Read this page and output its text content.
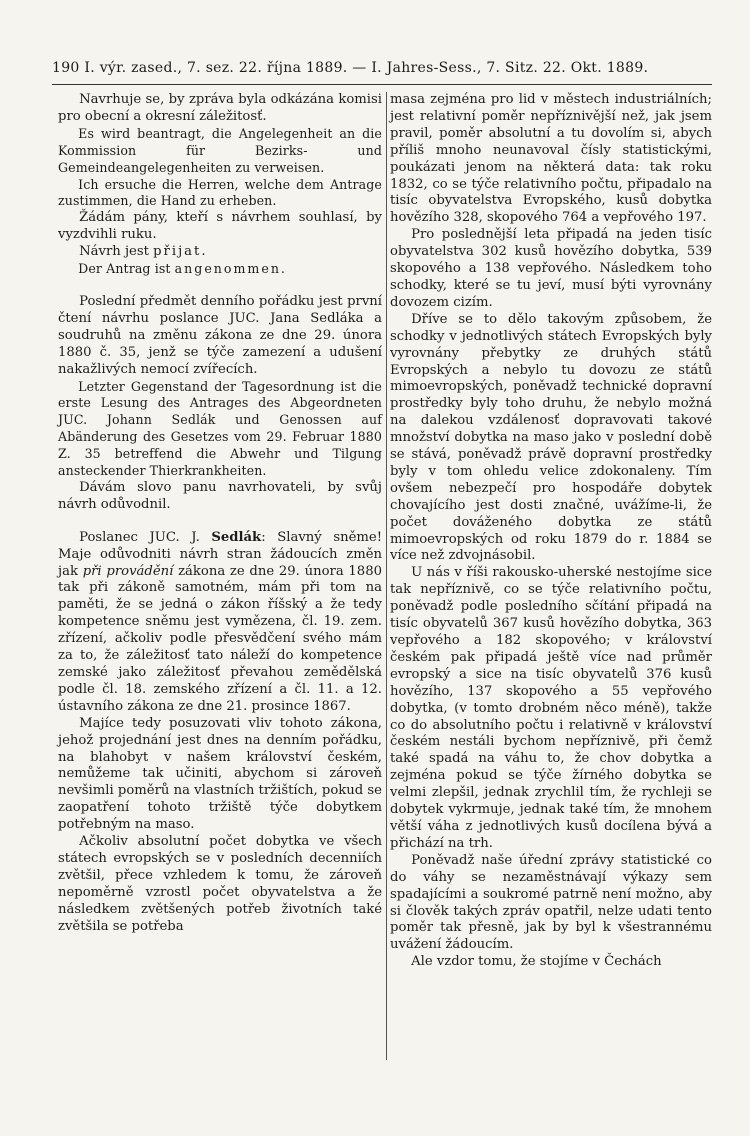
190 I. výr. zased., 7. sez. 22. října 1889. — I. Jahres-Sess., 7. Sitz. 22. Okt. 1889.

Navrhuje se, by zpráva byla odkázána komisi pro obecní a okresní záležitosť.

Es wird beantragt, die Angelegenheit an die Kommission für Bezirks- und Gemeindeangelegenheiten zu verweisen.

Ich ersuche die Herren, welche dem Antrage zustimmen, die Hand zu erheben.

Žádám pány, kteří s návrhem souhlasí, by vyzdvihli ruku.

Návrh jest přijat.

Der Antrag ist angenommen.

Poslední předmět denního pořádku jest první čtení návrhu poslance JUC. Jana Sedláka a soudruhů na změnu zákona ze dne 29. února 1880 č. 35, jenž se týče zamezení a udušení nakažlivých nemocí zvířecích.

Letzter Gegenstand der Tagesordnung ist die erste Lesung des Antrages des Abgeordneten JUC. Johann Sedlák und Genossen auf Abänderung des Gesetzes vom 29. Februar 1880 Z. 35 betreffend die Abwehr und Tilgung ansteckender Thierkrankheiten.

Dávám slovo panu navrhovateli, by svůj návrh odůvodnil.

Poslanec JUC. J. Sedlák: Slavný sněme! Maje odůvodniti návrh stran žádoucích změn jak při provádění zákona ze dne 29. února 1880 tak při zákoně samotném, mám při tom na paměti, že se jedná o zákon říšský a že tedy kompetence sněmu jest vymězena, čl. 19. zem. zřízení, ačkoliv podle přesvědčení svého mám za to, že záležitosť tato náleží do kompetence zemské jako záležitosť převahou zemědělská podle čl. 18. zemského zřízení a čl. 11. a 12. ústavního zákona ze dne 21. prosince 1867.

Majíce tedy posuzovati vliv tohoto zákona, jehož projednání jest dnes na denním pořádku, na blahobyt v našem království českém, nemůžeme tak učiniti, abychom si zároveň nevšimli poměrů na vlastních tržištích, pokud se zaopatření tohoto tržiště týče dobytkem potřebným na maso.

Ačkoliv absolutní počet dobytka ve všech státech evropských se v posledních decenniích zvětšil, přece vzhledem k tomu, že zároveň nepoměrně vzrostl počet obyvatelstva a že následkem zvětšených potřeb životních také zvětšila se potřeba

masa zejména pro lid v městech industriálních; jest relativní poměr nepříznivější než, jak jsem pravil, poměr absolutní a tu dovolím si, abych příliš mnoho neunavoval čísly statistickými, poukázati jenom na některá data: tak roku 1832, co se týče relativního počtu, připadalo na tisíc obyvatelstva Evropského, kusů dobytka hovězího 328, skopového 764 a vepřového 197.

Pro poslednější leta připadá na jeden tisíc obyvatelstva 302 kusů hovězího dobytka, 539 skopového a 138 vepřového. Následkem toho schodky, které se tu jeví, musí býti vyrovnány dovozem cizím.

Dříve se to dělo takovým způsobem, že schodky v jednotlivých státech Evropských byly vyrovnány přebytky ze druhých států Evropských a nebylo tu dovozu ze států mimoevropských, poněvadž technické dopravní prostředky byly toho druhu, že nebylo možná na dalekou vzdálenosť dopravovati takové množství dobytka na maso jako v poslední době se stává, poněvadž právě dopravní prostředky byly v tom ohledu velice zdokonaleny. Tím ovšem nebezpečí pro hospodáře dobytek chovajícího jest dosti značné, uvážíme-li, že počet dováženého dobytka ze států mimoevropských od roku 1879 do r. 1884 se více než zdvojnásobil.

U nás v říši rakousko-uherské nestojíme sice tak nepříznivě, co se týče relativního počtu, poněvadž podle posledního sčítání připadá na tisíc obyvatelů 367 kusů hovězího dobytka, 363 vepřového a 182 skopového; v království českém pak připadá ještě více nad průměr evropský a sice na tisíc obyvatelů 376 kusů hovězího, 137 skopového a 55 vepřového dobytka, (v tomto drobném něco méně), takže co do absolutního počtu i relativně v království českém nestáli bychom nepříznivě, při čemž také spadá na váhu to, že chov dobytka a zejména pokud se týče žírného dobytka se velmi zlepšil, jednak zrychlil tím, že rychleji se dobytek vykrmuje, jednak také tím, že mnohem větší váha z jednotlivých kusů docílena bývá a přichází na trh.

Poněvadž naše úřední zprávy statistické co do váhy se nezaměstnávají výkazy sem spadajícími a soukromé patrně není možno, aby si člověk takých zpráv opatřil, nelze udati tento poměr tak přesně, jak by byl k všestrannému uvážení žádoucím.

Ale vzdor tomu, že stojíme v Čechách
